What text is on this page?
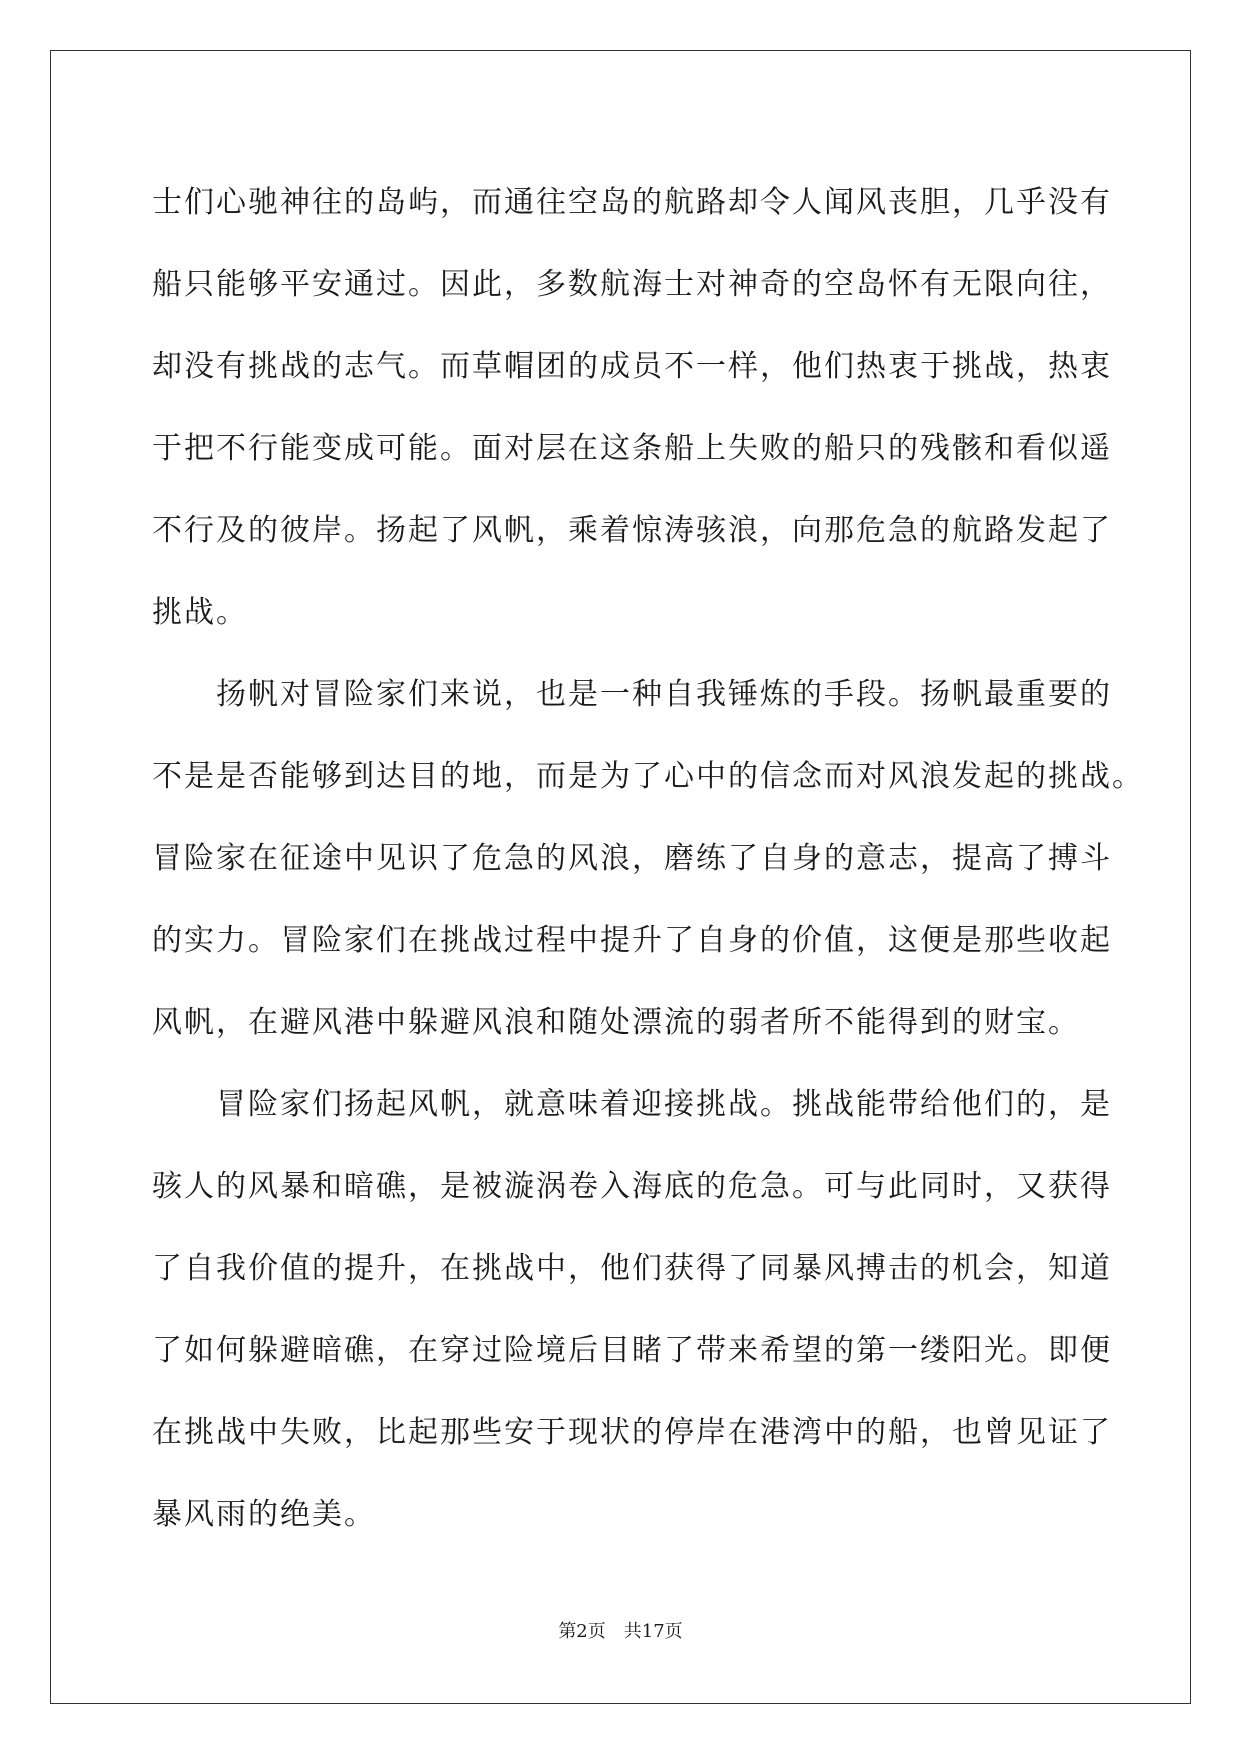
士们心驰神往的岛屿，而通往空岛的航路却令人闻风丧胆，几乎没有
船只能够平安通过。因此，多数航海士对神奇的空岛怀有无限向往，
却没有挑战的志气。而草帽团的成员不一样，他们热衷于挑战，热衷
于把不行能变成可能。面对层在这条船上失败的船只的残骸和看似遥
不行及的彼岸。扬起了风帆，乘着惊涛骇浪，向那危急的航路发起了
挑战。

　　扬帆对冒险家们来说，也是一种自我锤炼的手段。扬帆最重要的
不是是否能够到达目的地，而是为了心中的信念而对风浪发起的挑战。
冒险家在征途中见识了危急的风浪，磨练了自身的意志，提高了搏斗
的实力。冒险家们在挑战过程中提升了自身的价值，这便是那些收起
风帆，在避风港中躲避风浪和随处漂流的弱者所不能得到的财宝。

　　冒险家们扬起风帆，就意味着迎接挑战。挑战能带给他们的，是
骇人的风暴和暗礁，是被漩涡卷入海底的危急。可与此同时，又获得
了自我价值的提升，在挑战中，他们获得了同暴风搏击的机会，知道
了如何躲避暗礁，在穿过险境后目睹了带来希望的第一缕阳光。即便
在挑战中失败，比起那些安于现状的停岸在港湾中的船，也曾见证了
暴风雨的绝美。

第2页　共17页
